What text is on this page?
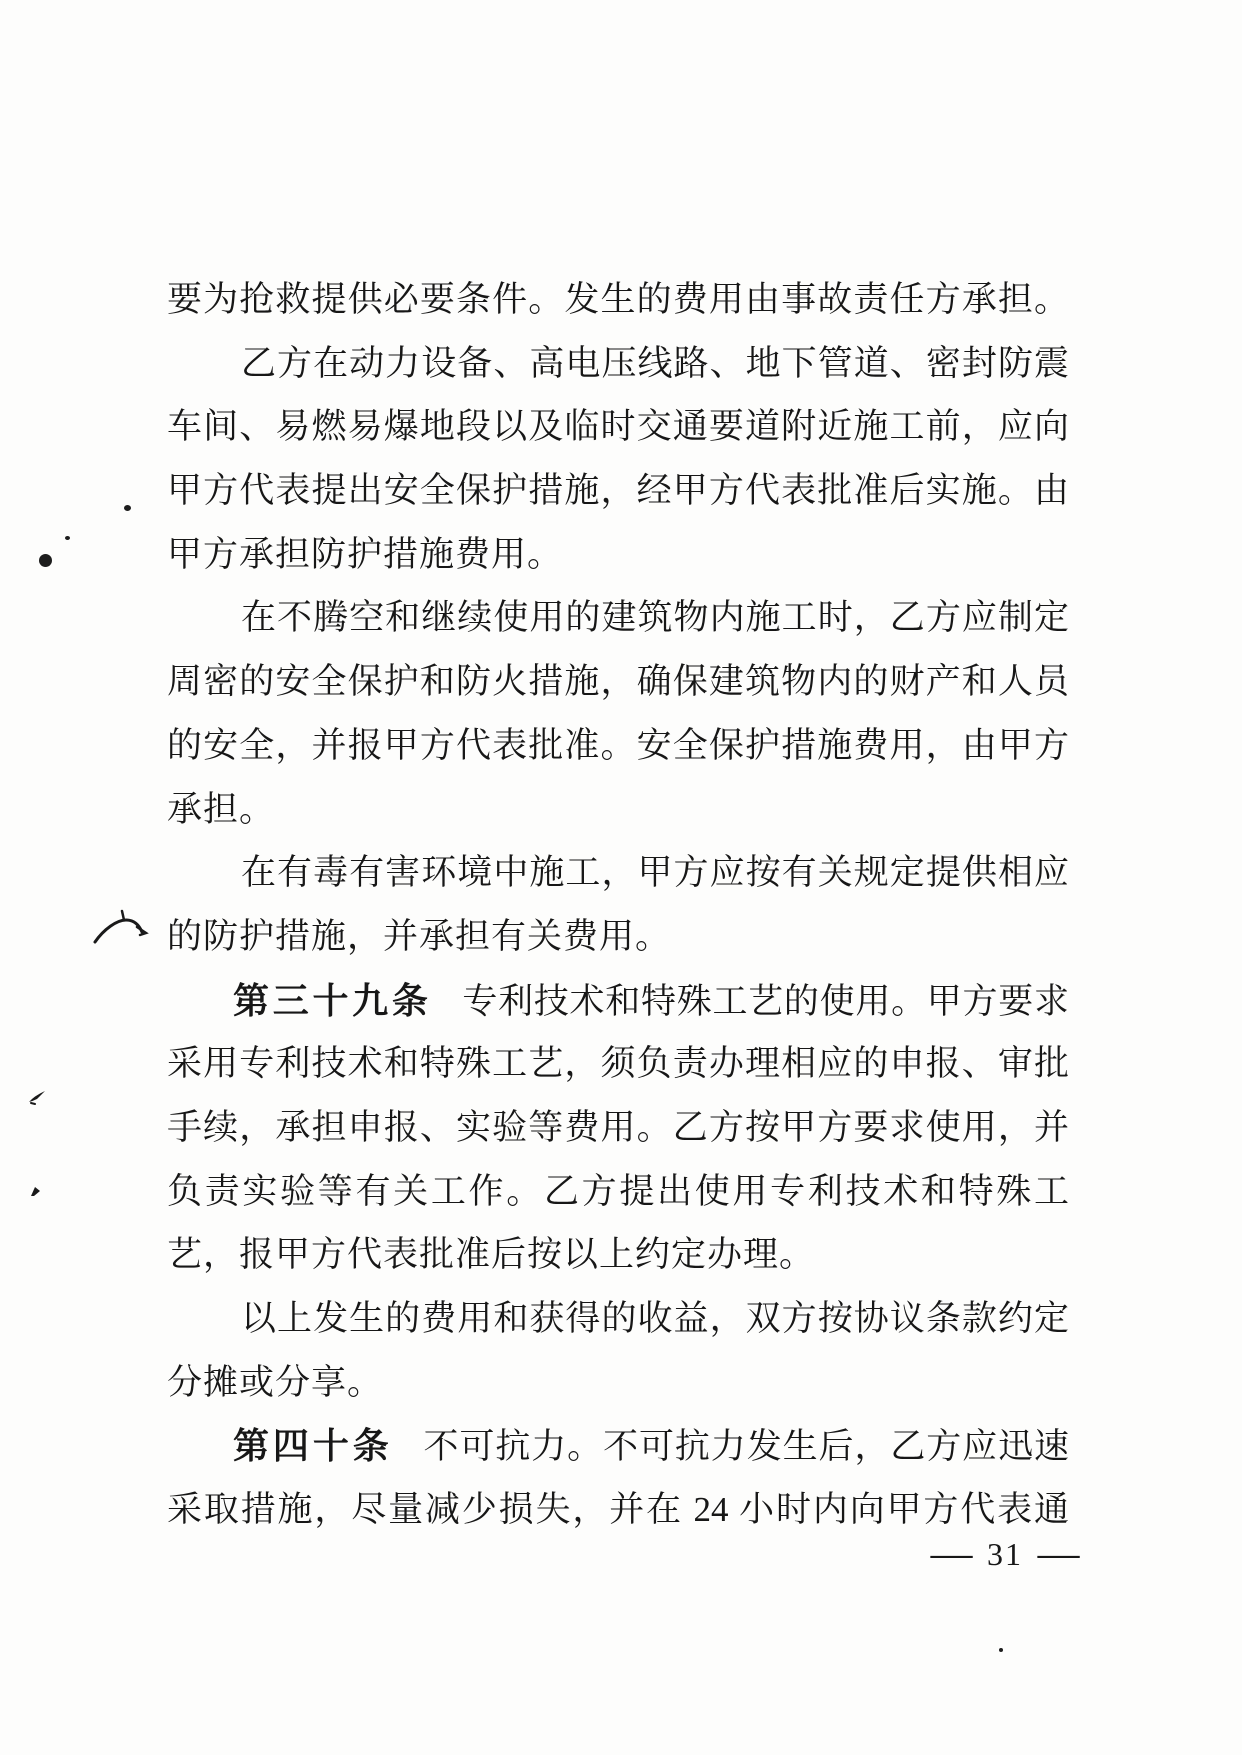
要为抢救提供必要条件。发生的费用由事故责任方承担。
乙方在动力设备、高电压线路、地下管道、密封防震
车间、易燃易爆地段以及临时交通要道附近施工前，应向
甲方代表提出安全保护措施，经甲方代表批准后实施。由
甲方承担防护措施费用。
在不腾空和继续使用的建筑物内施工时，乙方应制定
周密的安全保护和防火措施，确保建筑物内的财产和人员
的安全，并报甲方代表批准。安全保护措施费用，由甲方
承担。
在有毒有害环境中施工，甲方应按有关规定提供相应
的防护措施，并承担有关费用。
第三十九条 专利技术和特殊工艺的使用。甲方要求
采用专利技术和特殊工艺，须负责办理相应的申报、审批
手续，承担申报、实验等费用。乙方按甲方要求使用，并
负责实验等有关工作。乙方提出使用专利技术和特殊工
艺，报甲方代表批准后按以上约定办理。
以上发生的费用和获得的收益，双方按协议条款约定
分摊或分享。
第四十条 不可抗力。不可抗力发生后，乙方应迅速
采取措施，尽量减少损失，并在 24 小时内向甲方代表通
— 31 —
